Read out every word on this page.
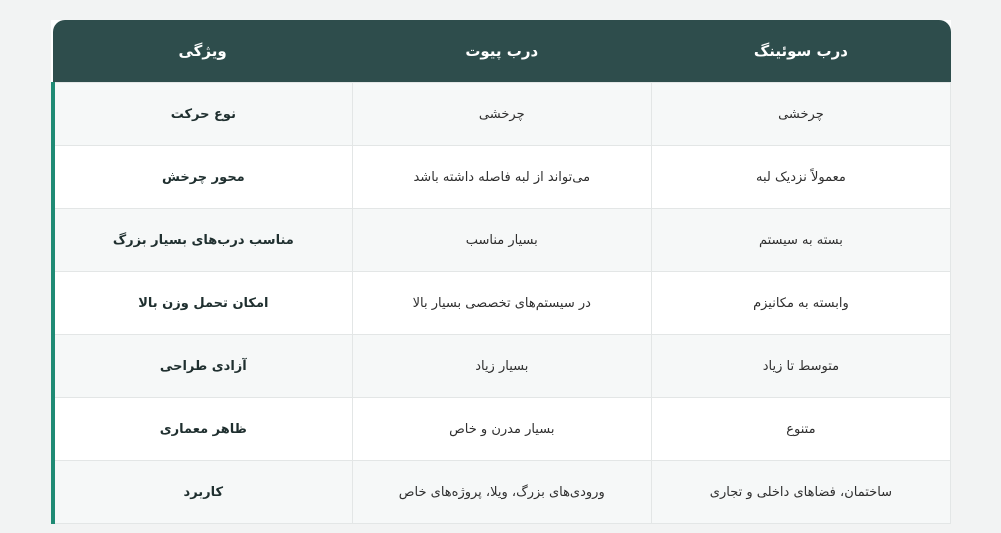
درب سوئینگ	درب پیوت	ویژگی
چرخشی	چرخشی	نوع حرکت
معمولاً نزدیک لبه	می‌تواند از لبه فاصله داشته باشد	محور چرخش
بسته به سیستم	بسیار مناسب	مناسب درب‌های بسیار بزرگ
وابسته به مکانیزم	در سیستم‌های تخصصی بسیار بالا	امکان تحمل وزن بالا
متوسط تا زیاد	بسیار زیاد	آزادی طراحی
متنوع	بسیار مدرن و خاص	ظاهر معماری
ساختمان، فضاهای داخلی و تجاری	ورودی‌های بزرگ، ویلا، پروژه‌های خاص	کاربرد
